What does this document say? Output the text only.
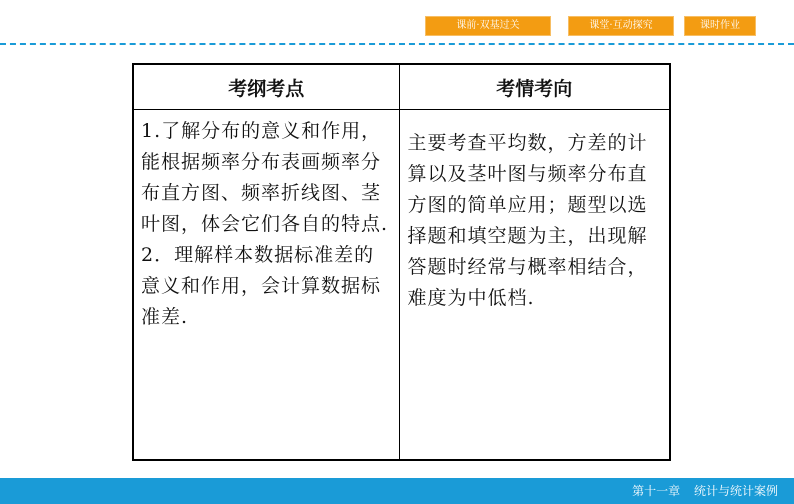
课前·双基过关	课堂·互动探究	课时作业
考纲考点	考情考向

1.了解分布的意义和作用，能根据频率分布表画频率分布直方图、频率折线图、茎叶图，体会它们各自的特点.

2．理解样本数据标准差的意义和作用，会计算数据标准差.	主要考查平均数，方差的计算以及茎叶图与频率分布直方图的简单应用；题型以选择题和填空题为主，出现解答题时经常与概率相结合，难度为中低档.

第十一章 统计与统计案例
